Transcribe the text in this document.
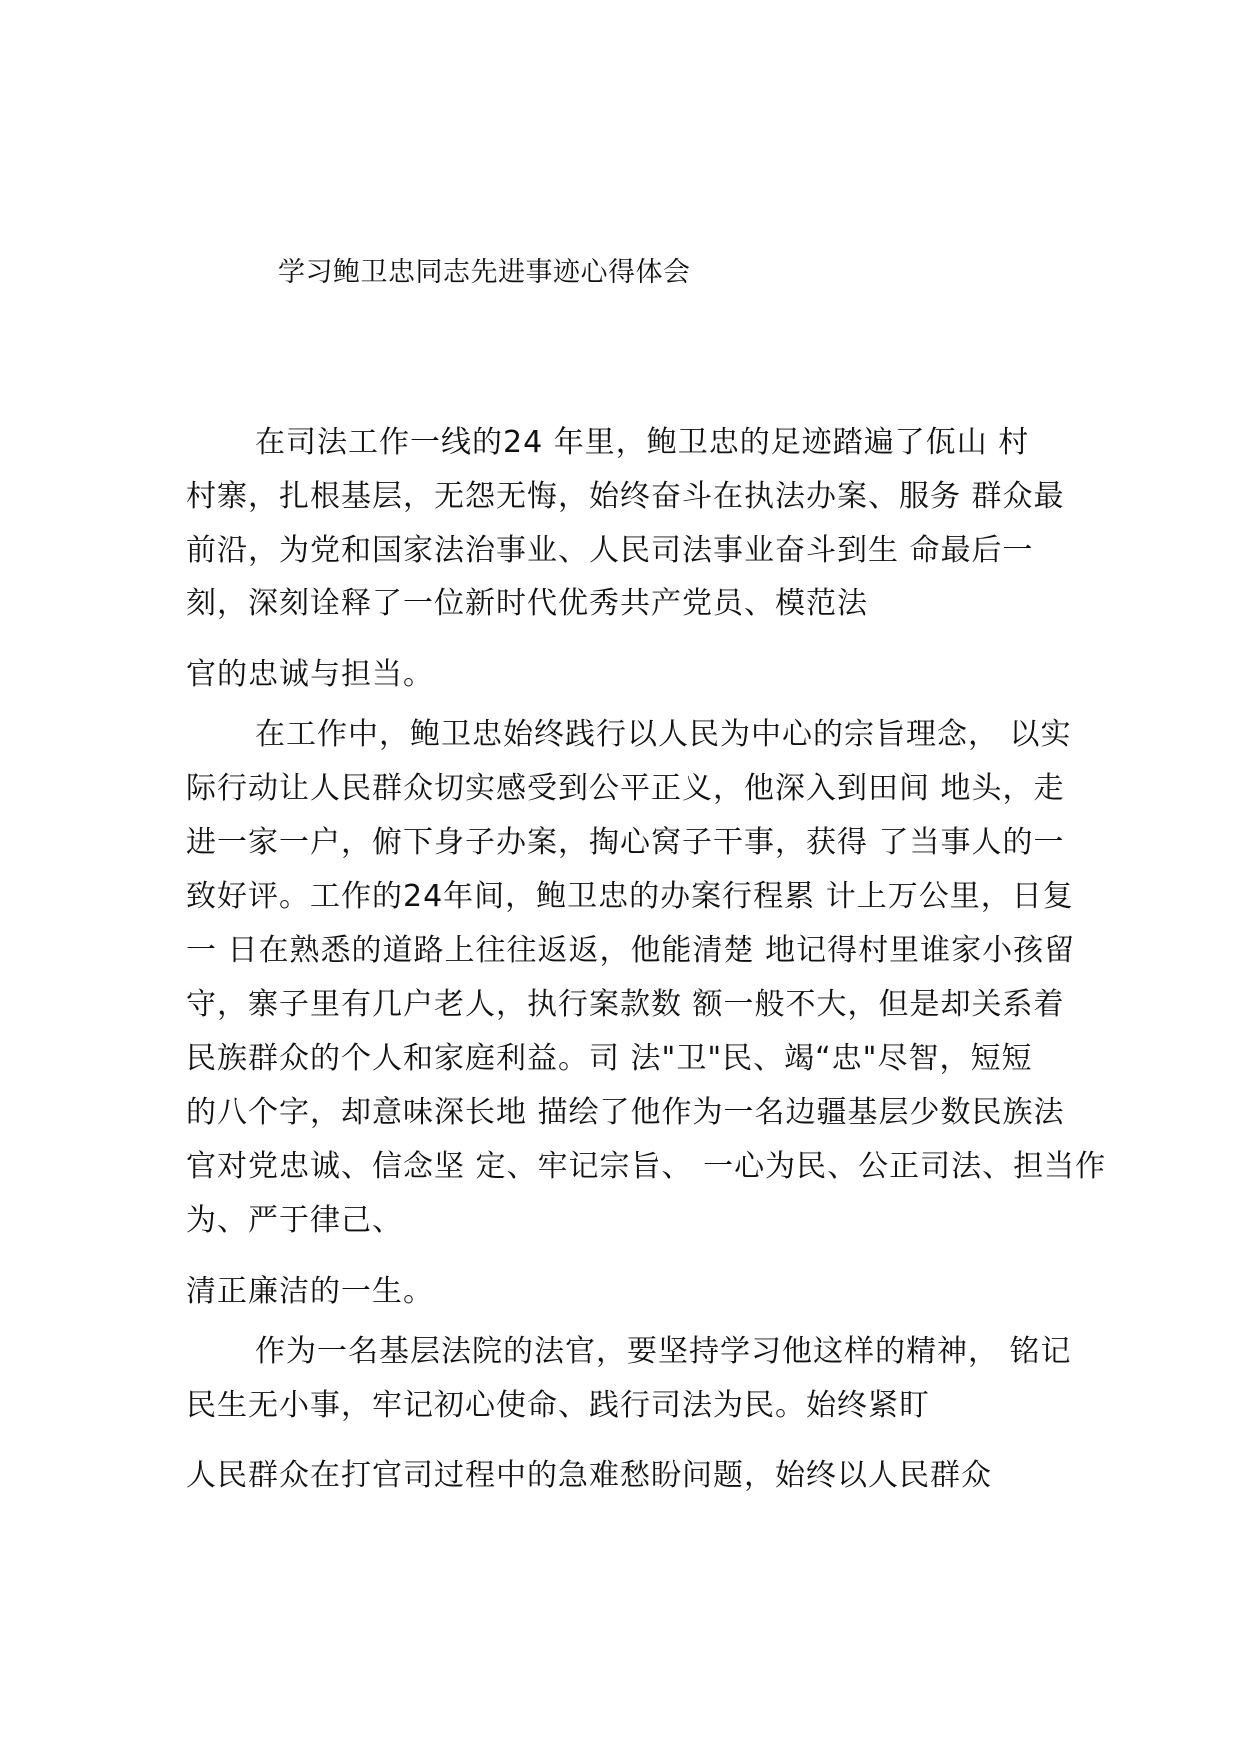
学习鲍卫忠同志先进事迹心得体会
在司法工作一线的24 年里，鲍卫忠的足迹踏遍了佤山 村
村寨，扎根基层，无怨无悔，始终奋斗在执法办案、服务 群众最
前沿，为党和国家法治事业、人民司法事业奋斗到生 命最后一
刻，深刻诠释了一位新时代优秀共产党员、模范法
官的忠诚与担当。
在工作中，鲍卫忠始终践行以人民为中心的宗旨理念， 以实
际行动让人民群众切实感受到公平正义，他深入到田间 地头，走
进一家一户，俯下身子办案，掏心窝子干事，获得 了当事人的一
致好评。工作的24年间，鲍卫忠的办案行程累 计上万公里，日复
一 日在熟悉的道路上往往返返，他能清楚 地记得村里谁家小孩留
守，寨子里有几户老人，执行案款数 额一般不大，但是却关系着
民族群众的个人和家庭利益。司 法"卫"民、竭“忠"尽智，短短
的八个字，却意味深长地 描绘了他作为一名边疆基层少数民族法
官对党忠诚、信念坚 定、牢记宗旨、 一心为民、公正司法、担当作
为、严于律己、
清正廉洁的一生。
作为一名基层法院的法官，要坚持学习他这样的精神， 铭记
民生无小事，牢记初心使命、践行司法为民。始终紧盯
人民群众在打官司过程中的急难愁盼问题，始终以人民群众
